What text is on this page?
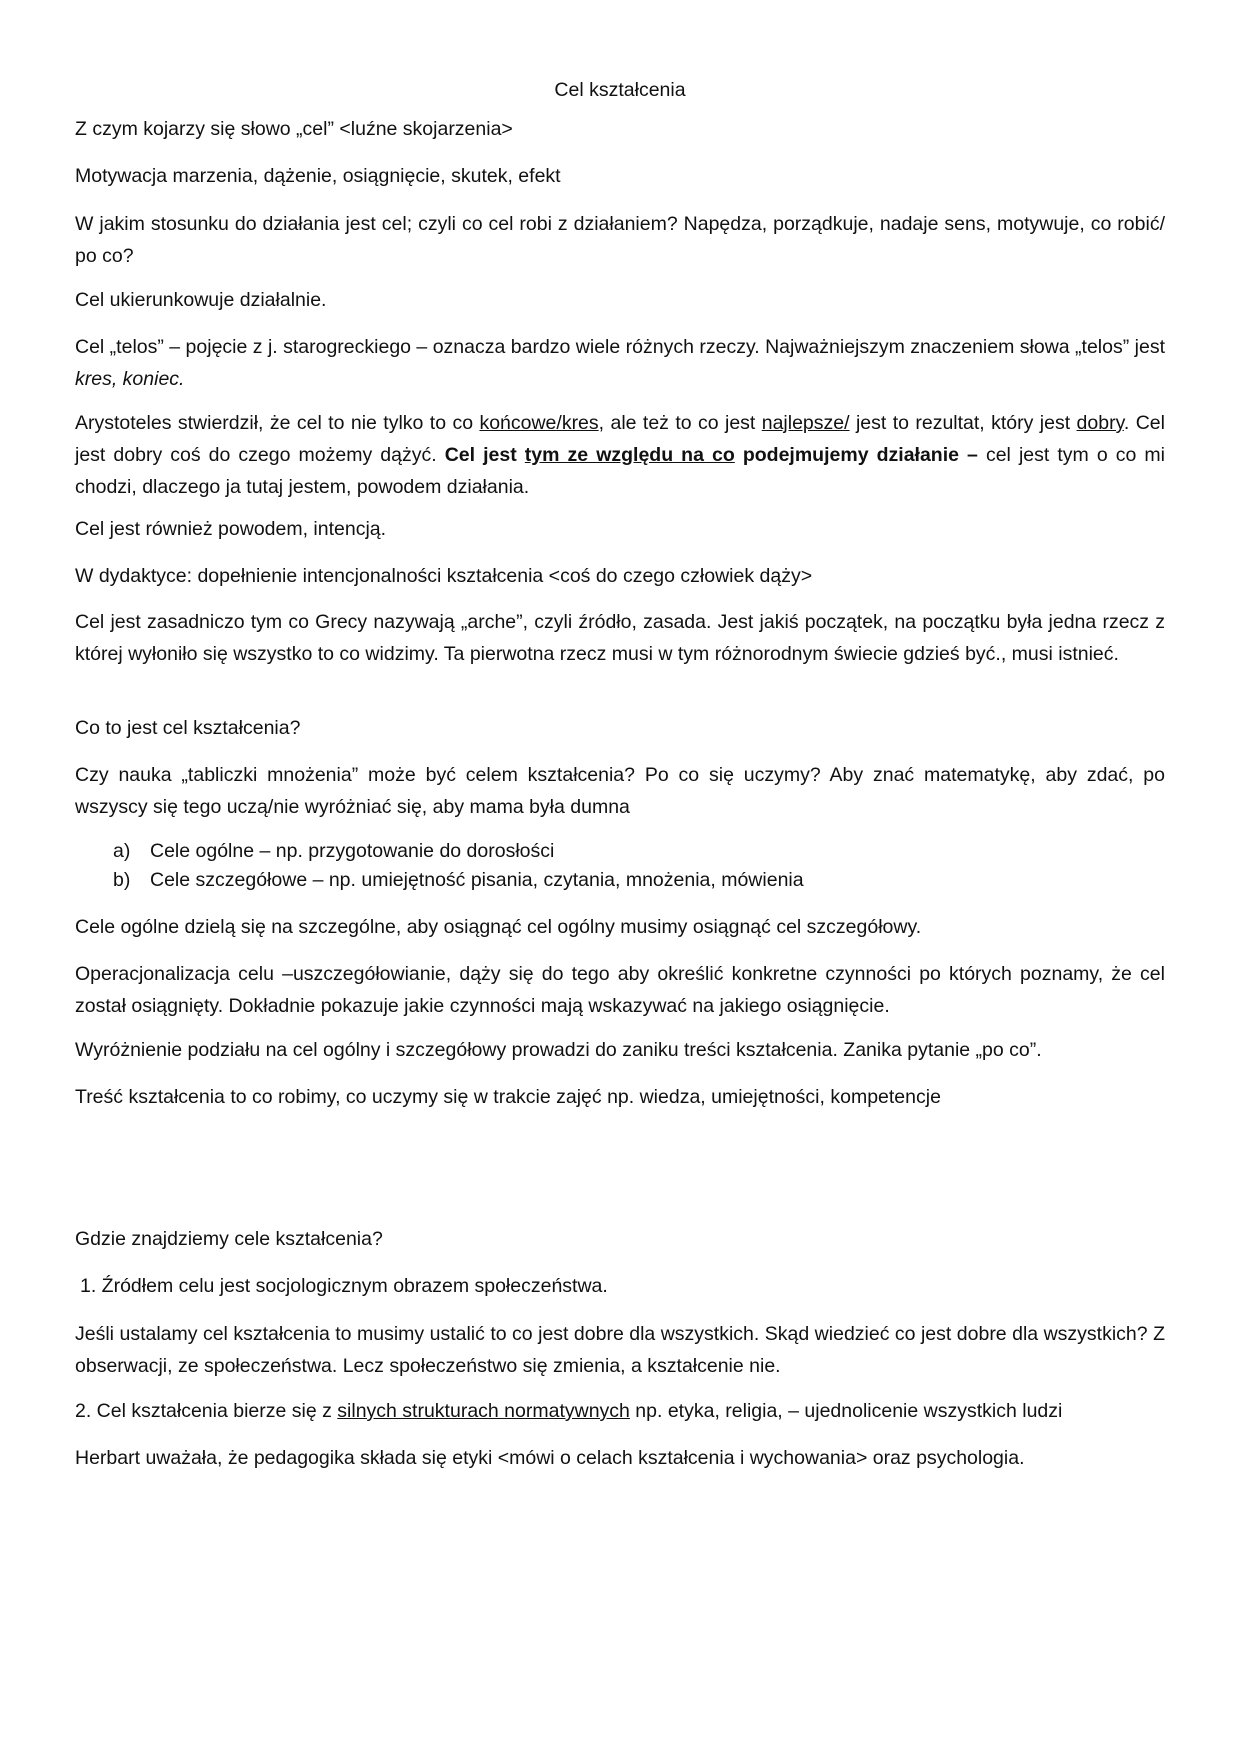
Cel kształcenia

Z czym kojarzy się słowo „cel” <luźne skojarzenia>

Motywacja marzenia, dążenie, osiągnięcie, skutek, efekt

W jakim stosunku do działania jest cel; czyli co cel robi z działaniem? Napędza, porządkuje, nadaje sens, motywuje, co robić/ po co?

Cel ukierunkowuje działalnie.

Cel „telos” – pojęcie z j. starogreckiego – oznacza bardzo wiele różnych rzeczy. Najważniejszym znaczeniem słowa „telos” jest kres, koniec.

Arystoteles stwierdził, że cel to nie tylko to co końcowe/kres, ale też to co jest najlepsze/ jest to rezultat, który jest dobry. Cel jest dobry coś do czego możemy dążyć. Cel jest tym ze względu na co podejmujemy działanie – cel jest tym o co mi chodzi, dlaczego ja tutaj jestem, powodem działania.

Cel jest również powodem, intencją.

W dydaktyce: dopełnienie intencjonalności kształcenia <coś do czego człowiek dąży>

Cel jest zasadniczo tym co Grecy nazywają „arche”, czyli źródło, zasada. Jest jakiś początek, na początku była jedna rzecz z której wyłoniło się wszystko to co widzimy. Ta pierwotna rzecz musi w tym różnorodnym świecie gdzieś być., musi istnieć.

Co to jest cel kształcenia?

Czy nauka „tabliczki mnożenia” może być celem kształcenia? Po co się uczymy? Aby znać matematykę, aby zdać, po wszyscy się tego uczą/nie wyróżniać się, aby mama była dumna

a) Cele ogólne – np. przygotowanie do dorosłości

b) Cele szczegółowe – np. umiejętność pisania, czytania, mnożenia, mówienia

Cele ogólne dzielą się na szczególne, aby osiągnąć cel ogólny musimy osiągnąć cel szczegółowy.

Operacjonalizacja celu –uszczegółowianie, dąży się do tego aby określić konkretne czynności po których poznamy, że cel został osiągnięty. Dokładnie pokazuje jakie czynności mają wskazywać na jakiego osiągnięcie.

Wyróżnienie podziału na cel ogólny i szczegółowy prowadzi do zaniku treści kształcenia. Zanika pytanie „po co”.

Treść kształcenia to co robimy, co uczymy się w trakcie zajęć np. wiedza, umiejętności, kompetencje

Gdzie znajdziemy cele kształcenia?

1. Źródłem celu jest socjologicznym obrazem społeczeństwa.

Jeśli ustalamy cel kształcenia to musimy ustalić to co jest dobre dla wszystkich. Skąd wiedzieć co jest dobre dla wszystkich? Z obserwacji, ze społeczeństwa. Lecz społeczeństwo się zmienia, a kształcenie nie.

2. Cel kształcenia bierze się z silnych strukturach normatywnych np. etyka, religia, – ujednolicenie wszystkich ludzi

Herbart uważała, że pedagogika składa się etyki <mówi o celach kształcenia i wychowania> oraz psychologia.
